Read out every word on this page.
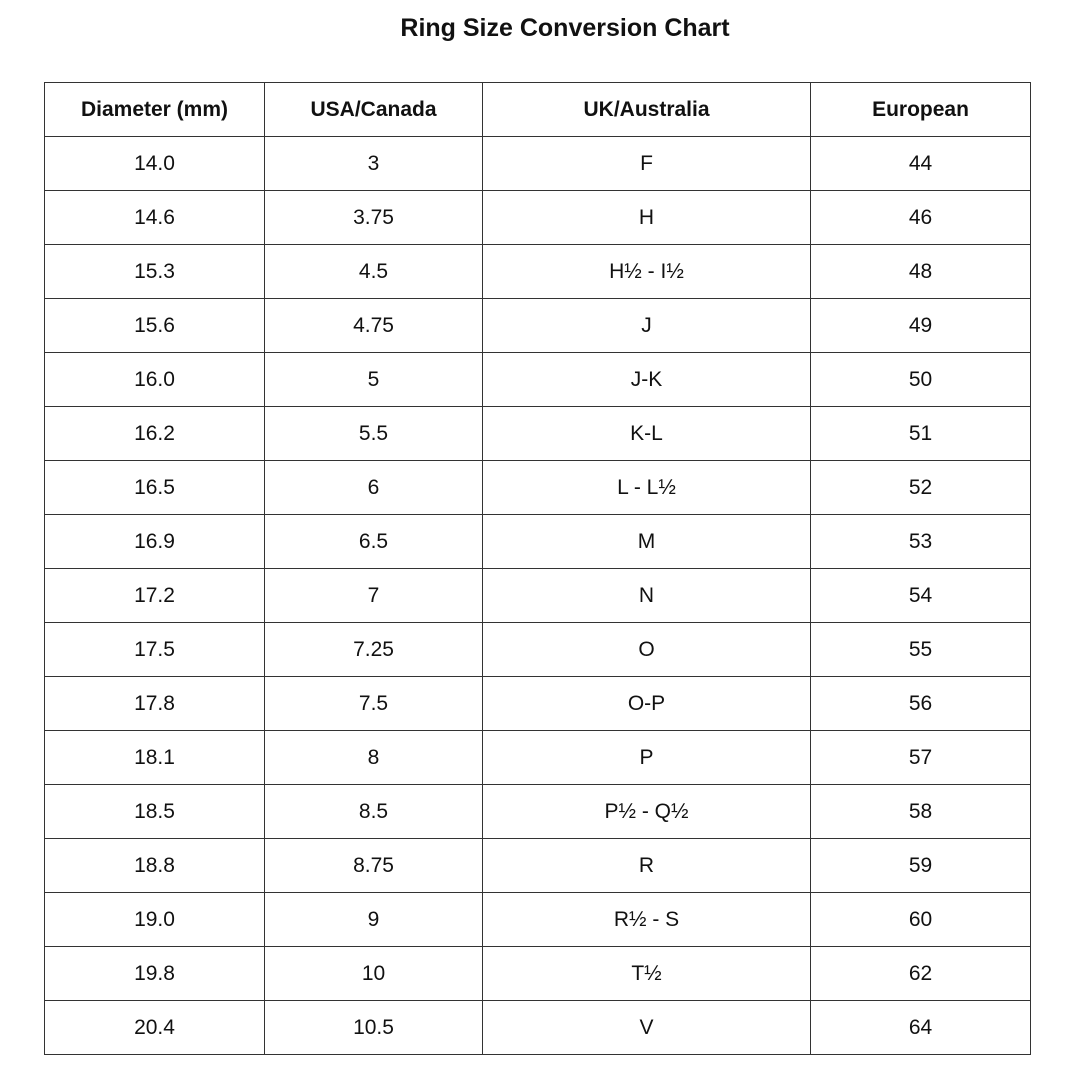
Ring Size Conversion Chart
Diameter (mm)	USA/Canada	UK/Australia	European
14.0	3	F	44
14.6	3.75	H	46
15.3	4.5	H½ - I½	48
15.6	4.75	J	49
16.0	5	J-K	50
16.2	5.5	K-L	51
16.5	6	L - L½	52
16.9	6.5	M	53
17.2	7	N	54
17.5	7.25	O	55
17.8	7.5	O-P	56
18.1	8	P	57
18.5	8.5	P½ - Q½	58
18.8	8.75	R	59
19.0	9	R½ - S	60
19.8	10	T½	62
20.4	10.5	V	64
